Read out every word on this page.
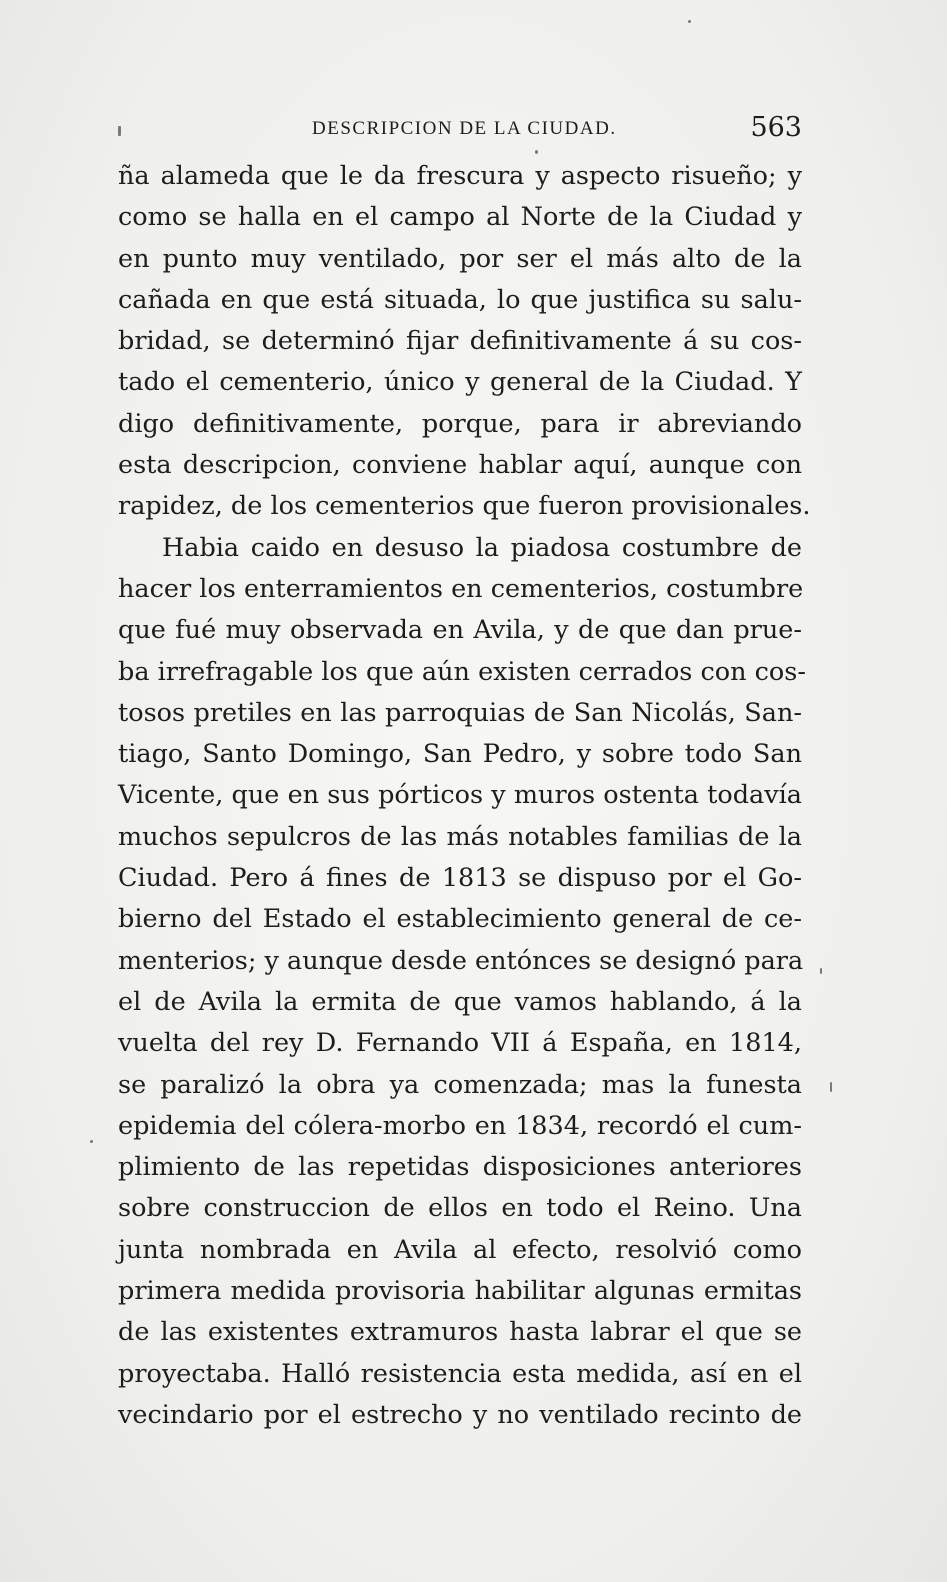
DESCRIPCION DE LA CIUDAD.	563
ña alameda que le da frescura y aspecto risueño; y
como se halla en el campo al Norte de la Ciudad y
en punto muy ventilado, por ser el más alto de la
cañada en que está situada, lo que justifica su salu-
bridad, se determinó fijar definitivamente á su cos-
tado el cementerio, único y general de la Ciudad. Y
digo definitivamente, porque, para ir abreviando
esta descripcion, conviene hablar aquí, aunque con
rapidez, de los cementerios que fueron provisionales.
Habia caido en desuso la piadosa costumbre de
hacer los enterramientos en cementerios, costumbre
que fué muy observada en Avila, y de que dan prue-
ba irrefragable los que aún existen cerrados con cos-
tosos pretiles en las parroquias de San Nicolás, San-
tiago, Santo Domingo, San Pedro, y sobre todo San
Vicente, que en sus pórticos y muros ostenta todavía
muchos sepulcros de las más notables familias de la
Ciudad. Pero á fines de 1813 se dispuso por el Go-
bierno del Estado el establecimiento general de ce-
menterios; y aunque desde entónces se designó para
el de Avila la ermita de que vamos hablando, á la
vuelta del rey D. Fernando VII á España, en 1814,
se paralizó la obra ya comenzada; mas la funesta
epidemia del cólera-morbo en 1834, recordó el cum-
plimiento de las repetidas disposiciones anteriores
sobre construccion de ellos en todo el Reino. Una
junta nombrada en Avila al efecto, resolvió como
primera medida provisoria habilitar algunas ermitas
de las existentes extramuros hasta labrar el que se
proyectaba. Halló resistencia esta medida, así en el
vecindario por el estrecho y no ventilado recinto de
